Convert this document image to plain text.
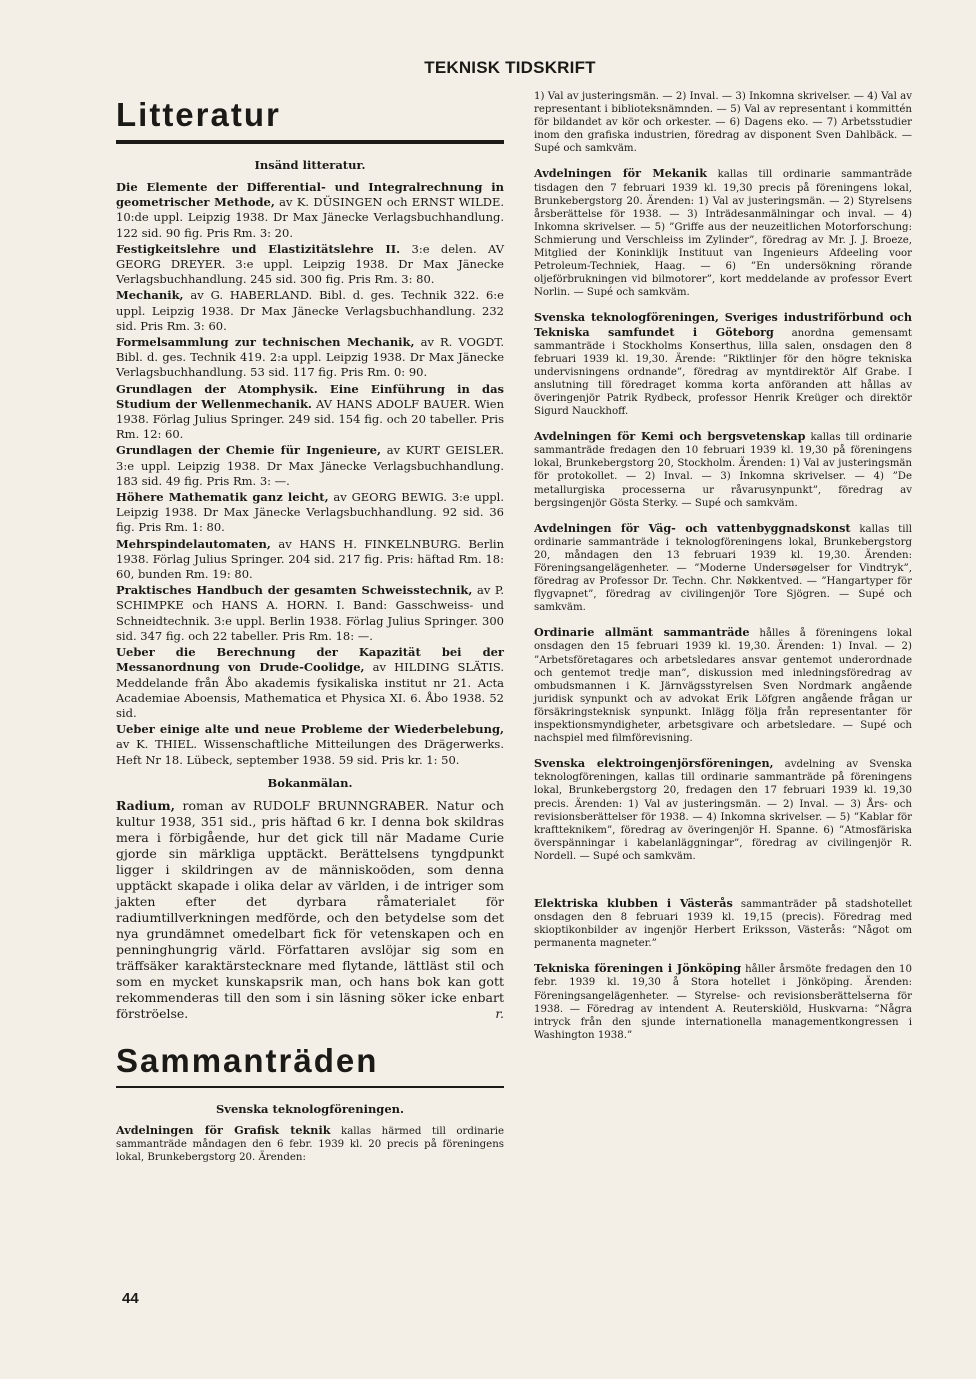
TEKNISK TIDSKRIFT
Litteratur
Insänd litteratur.

Die Elemente der Differential- und Integralrechnung in geometrischer Methode, av K. DÜSINGEN och ERNST WILDE. 10:de uppl. Leipzig 1938. Dr Max Jänecke Verlagsbuchhandlung. 122 sid. 90 fig. Pris Rm. 3: 20.

Festigkeitslehre und Elastizitätslehre II. 3:e delen. AV GEORG DREYER. 3:e uppl. Leipzig 1938. Dr Max Jänecke Verlagsbuchhandlung. 245 sid. 300 fig. Pris Rm. 3: 80.

Mechanik, av G. HABERLAND. Bibl. d. ges. Technik 322. 6:e uppl. Leipzig 1938. Dr Max Jänecke Verlagsbuchhandlung. 232 sid. Pris Rm. 3: 60.

Formelsammlung zur technischen Mechanik, av R. VOGDT. Bibl. d. ges. Technik 419. 2:a uppl. Leipzig 1938. Dr Max Jänecke Verlagsbuchhandlung. 53 sid. 117 fig. Pris Rm. 0: 90.

Grundlagen der Atomphysik. Eine Einführung in das Studium der Wellenmechanik. AV HANS ADOLF BAUER. Wien 1938. Förlag Julius Springer. 249 sid. 154 fig. och 20 tabeller. Pris Rm. 12: 60.

Grundlagen der Chemie für Ingenieure, av KURT GEISLER. 3:e uppl. Leipzig 1938. Dr Max Jänecke Verlagsbuchhandlung. 183 sid. 49 fig. Pris Rm. 3: —.

Höhere Mathematik ganz leicht, av GEORG BEWIG. 3:e uppl. Leipzig 1938. Dr Max Jänecke Verlagsbuchhandlung. 92 sid. 36 fig. Pris Rm. 1: 80.

Mehrspindelautomaten, av HANS H. FINKELNBURG. Berlin 1938. Förlag Julius Springer. 204 sid. 217 fig. Pris: häftad Rm. 18: 60, bunden Rm. 19: 80.

Praktisches Handbuch der gesamten Schweisstechnik, av P. SCHIMPKE och HANS A. HORN. I. Band: Gasschweiss- und Schneidtechnik. 3:e uppl. Berlin 1938. Förlag Julius Springer. 300 sid. 347 fig. och 22 tabeller. Pris Rm. 18: —.

Ueber die Berechnung der Kapazität bei der Messanordnung von Drude-Coolidge, av HILDING SLÄTIS. Meddelande från Åbo akademis fysikaliska institut nr 21. Acta Academiae Aboensis, Mathematica et Physica XI. 6. Åbo 1938. 52 sid.

Ueber einige alte und neue Probleme der Wiederbelebung, av K. THIEL. Wissenschaftliche Mitteilungen des Drägerwerks. Heft Nr 18. Lübeck, september 1938. 59 sid. Pris kr. 1: 50.

Bokanmälan.

Radium, roman av RUDOLF BRUNNGRABER. Natur och kultur 1938, 351 sid., pris häftad 6 kr. I denna bok skildras mera i förbigående, hur det gick till när Madame Curie gjorde sin märkliga upptäckt. Berättelsens tyngdpunkt ligger i skildringen av de människoöden, som denna upptäckt skapade i olika delar av världen, i de intriger som jakten efter det dyrbara råmaterialet för radiumtillverkningen medförde, och den betydelse som det nya grundämnet omedelbart fick för vetenskapen och en penninghungrig värld. Författaren avslöjar sig som en träffsäker karaktärstecknare med flytande, lättläst stil och som en mycket kunskapsrik man, och hans bok kan gott rekommenderas till den som i sin läsning söker icke enbart förströelse.	r.

Sammanträden
Svenska teknologföreningen.

Avdelningen för Grafisk teknik kallas härmed till ordinarie sammanträde måndagen den 6 febr. 1939 kl. 20 precis på föreningens lokal, Brunkebergstorg 20. Ärenden:

1) Val av justeringsmän. — 2) Inval. — 3) Inkomna skrivelser. — 4) Val av representant i biblioteksnämnden. — 5) Val av representant i kommittén för bildandet av kör och orkester. — 6) Dagens eko. — 7) Arbetsstudier inom den grafiska industrien, föredrag av disponent Sven Dahlbäck. — Supé och samkväm.

Avdelningen för Mekanik kallas till ordinarie sammanträde tisdagen den 7 februari 1939 kl. 19,30 precis på föreningens lokal, Brunkebergstorg 20. Ärenden: 1) Val av justeringsmän. — 2) Styrelsens årsberättelse för 1938. — 3) Inträdesanmälningar och inval. — 4) Inkomna skrivelser. — 5) ”Griffe aus der neuzeitlichen Motorforschung: Schmierung und Verschleiss im Zylinder”, föredrag av Mr. J. J. Broeze, Mitglied der Koninklijk Instituut van Ingenieurs Afdeeling voor Petroleum-Techniek, Haag. — 6) ”En undersökning rörande oljeförbrukningen vid bilmotorer”, kort meddelande av professor Evert Norlin. — Supé och samkväm.

Svenska teknologföreningen, Sveriges industriförbund och Tekniska samfundet i Göteborg anordna gemensamt sammanträde i Stockholms Konserthus, lilla salen, onsdagen den 8 februari 1939 kl. 19,30. Ärende: ”Riktlinjer för den högre tekniska undervisningens ordnande”, föredrag av myntdirektör Alf Grabe. I anslutning till föredraget komma korta anföranden att hållas av överingenjör Patrik Rydbeck, professor Henrik Kreüger och direktör Sigurd Nauckhoff.

Avdelningen för Kemi och bergsvetenskap kallas till ordinarie sammanträde fredagen den 10 februari 1939 kl. 19,30 på föreningens lokal, Brunkebergstorg 20, Stockholm. Ärenden: 1) Val av justeringsmän för protokollet. — 2) Inval. — 3) Inkomna skrivelser. — 4) ”De metallurgiska processerna ur råvarusynpunkt”, föredrag av bergsingenjör Gösta Sterky. — Supé och samkväm.

Avdelningen för Väg- och vattenbyggnadskonst kallas till ordinarie sammanträde i teknologföreningens lokal, Brunkebergstorg 20, måndagen den 13 februari 1939 kl. 19,30. Ärenden: Föreningsangelägenheter. — ”Moderne Undersøgelser for Vindtryk”, föredrag av Professor Dr. Techn. Chr. Nøkkentved. — ”Hangartyper för flygvapnet”, föredrag av civilingenjör Tore Sjögren. — Supé och samkväm.

Ordinarie allmänt sammanträde hålles å föreningens lokal onsdagen den 15 februari 1939 kl. 19,30. Ärenden: 1) Inval. — 2) ”Arbetsföretagares och arbetsledares ansvar gentemot underordnade och gentemot tredje man”, diskussion med inledningsföredrag av ombudsmannen i K. Järnvägsstyrelsen Sven Nordmark angående juridisk synpunkt och av advokat Erik Löfgren angående frågan ur försäkringsteknisk synpunkt. Inlägg följa från representanter för inspektionsmyndigheter, arbetsgivare och arbetsledare. — Supé och nachspiel med filmförevisning.

Svenska elektroingenjörsföreningen, avdelning av Svenska teknologföreningen, kallas till ordinarie sammanträde på föreningens lokal, Brunkebergstorg 20, fredagen den 17 februari 1939 kl. 19,30 precis. Ärenden: 1) Val av justeringsmän. — 2) Inval. — 3) Års- och revisionsberättelser för 1938. — 4) Inkomna skrivelser. — 5) ”Kablar för kraftteknikem”, föredrag av överingenjör H. Spanne. 6) ”Atmosfäriska överspänningar i kabelanläggningar”, föredrag av civilingenjör R. Nordell. — Supé och samkväm.

Elektriska klubben i Västerås sammanträder på stadshotellet onsdagen den 8 februari 1939 kl. 19,15 (precis). Föredrag med skioptikonbilder av ingenjör Herbert Eriksson, Västerås: ”Något om permanenta magneter.”

Tekniska föreningen i Jönköping håller årsmöte fredagen den 10 febr. 1939 kl. 19,30 å Stora hotellet i Jönköping. Ärenden: Föreningsangelägenheter. — Styrelse- och revisionsberättelserna för 1938. — Föredrag av intendent A. Reuterskiöld, Huskvarna: ”Några intryck från den sjunde internationella managementkongressen i Washington 1938.”

44
